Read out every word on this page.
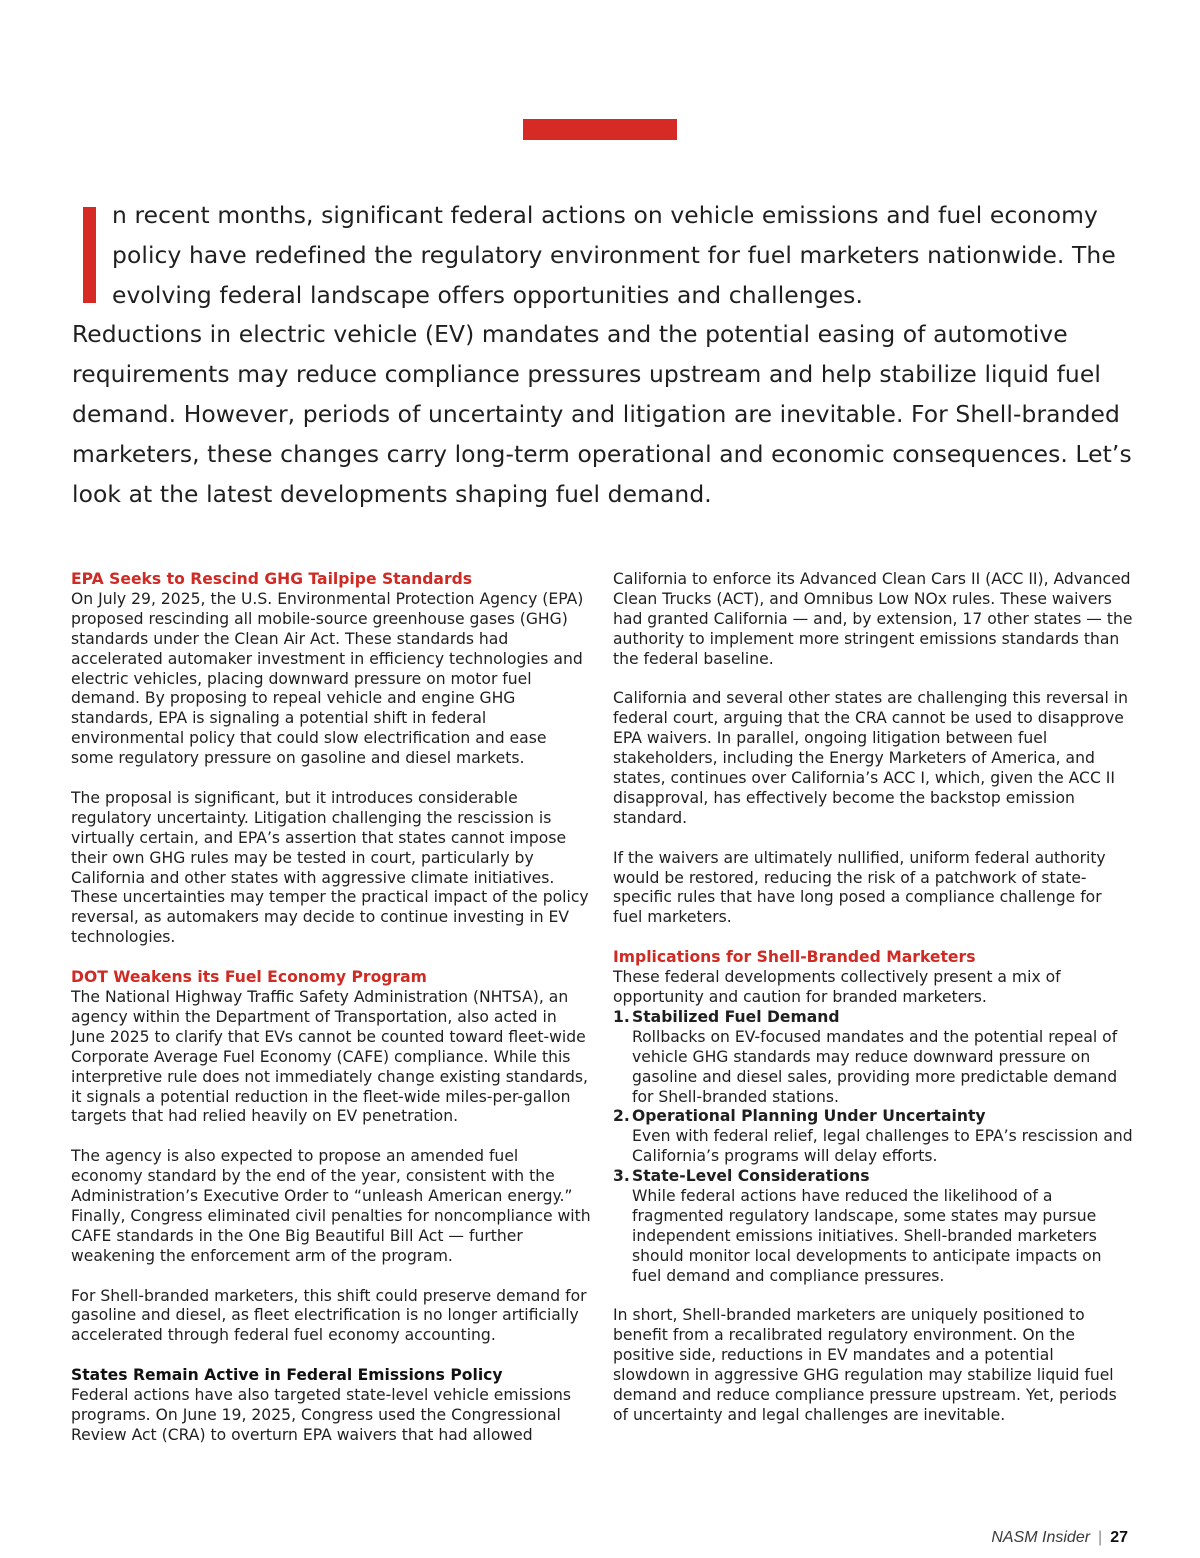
n recent months, significant federal actions on vehicle emissions and fuel economy policy have redefined the regulatory environment for fuel marketers nationwide. The evolving federal landscape offers opportunities and challenges.
Reductions in electric vehicle (EV) mandates and the potential easing of automotive requirements may reduce compliance pressures upstream and help stabilize liquid fuel demand. However, periods of uncertainty and litigation are inevitable. For Shell-branded marketers, these changes carry long-term operational and economic consequences. Let’s look at the latest developments shaping fuel demand.
EPA Seeks to Rescind GHG Tailpipe Standards

On July 29, 2025, the U.S. Environmental Protection Agency (EPA) proposed rescinding all mobile-source greenhouse gases (GHG) standards under the Clean Air Act. These standards had accelerated automaker investment in efficiency technologies and electric vehicles, placing downward pressure on motor fuel demand. By proposing to repeal vehicle and engine GHG standards, EPA is signaling a potential shift in federal environmental policy that could slow electrification and ease some regulatory pressure on gasoline and diesel markets.

The proposal is significant, but it introduces considerable regulatory uncertainty. Litigation challenging the rescission is virtually certain, and EPA’s assertion that states cannot impose their own GHG rules may be tested in court, particularly by California and other states with aggressive climate initiatives. These uncertainties may temper the practical impact of the policy reversal, as automakers may decide to continue investing in EV technologies.

DOT Weakens its Fuel Economy Program

The National Highway Traffic Safety Administration (NHTSA), an agency within the Department of Transportation, also acted in June 2025 to clarify that EVs cannot be counted toward fleet-wide Corporate Average Fuel Economy (CAFE) compliance. While this interpretive rule does not immediately change existing standards, it signals a potential reduction in the fleet-wide miles-per-gallon targets that had relied heavily on EV penetration.

The agency is also expected to propose an amended fuel economy standard by the end of the year, consistent with the Administration’s Executive Order to “unleash American energy.” Finally, Congress eliminated civil penalties for noncompliance with CAFE standards in the One Big Beautiful Bill Act — further weakening the enforcement arm of the program.

For Shell-branded marketers, this shift could preserve demand for gasoline and diesel, as fleet electrification is no longer artificially accelerated through federal fuel economy accounting.

States Remain Active in Federal Emissions Policy

Federal actions have also targeted state-level vehicle emissions programs. On June 19, 2025, Congress used the Congressional Review Act (CRA) to overturn EPA waivers that had allowed

California to enforce its Advanced Clean Cars II (ACC II), Advanced Clean Trucks (ACT), and Omnibus Low NOx rules. These waivers had granted California — and, by extension, 17 other states — the authority to implement more stringent emissions standards than the federal baseline.

California and several other states are challenging this reversal in federal court, arguing that the CRA cannot be used to disapprove EPA waivers. In parallel, ongoing litigation between fuel stakeholders, including the Energy Marketers of America, and states, continues over California’s ACC I, which, given the ACC II disapproval, has effectively become the backstop emission standard.

If the waivers are ultimately nullified, uniform federal authority would be restored, reducing the risk of a patchwork of state-specific rules that have long posed a compliance challenge for fuel marketers.

Implications for Shell-Branded Marketers

These federal developments collectively present a mix of opportunity and caution for branded marketers.

1. Stabilized Fuel Demand
Rollbacks on EV-focused mandates and the potential repeal of vehicle GHG standards may reduce downward pressure on gasoline and diesel sales, providing more predictable demand for Shell-branded stations.
2. Operational Planning Under Uncertainty
Even with federal relief, legal challenges to EPA’s rescission and California’s programs will delay efforts.
3. State-Level Considerations
While federal actions have reduced the likelihood of a fragmented regulatory landscape, some states may pursue independent emissions initiatives. Shell-branded marketers should monitor local developments to anticipate impacts on fuel demand and compliance pressures.

In short, Shell-branded marketers are uniquely positioned to benefit from a recalibrated regulatory environment. On the positive side, reductions in EV mandates and a potential slowdown in aggressive GHG regulation may stabilize liquid fuel demand and reduce compliance pressure upstream. Yet, periods of uncertainty and legal challenges are inevitable.

NASM Insider | 27
